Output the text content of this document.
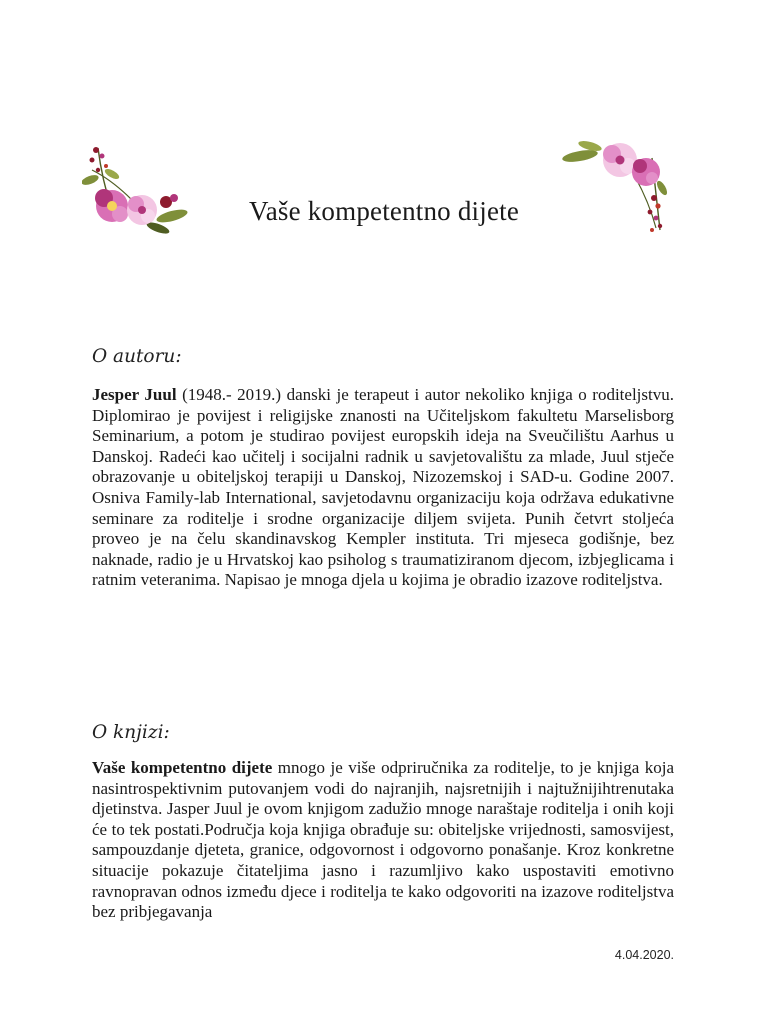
Vaše kompetentno dijete
O autoru:
Jesper Juul (1948.- 2019.) danski je terapeut i autor nekoliko knjiga o roditeljstvu. Diplomirao je povijest i religijske znanosti na Učiteljskom fakultetu Marselisborg Seminarium, a potom je studirao povijest europskih ideja na Sveučilištu Aarhus u Danskoj. Radeći kao učitelj i socijalni radnik u savjetovalištu za mlade, Juul stječe obrazovanje u obiteljskoj terapiji u Danskoj, Nizozemskoj i SAD-u. Godine 2007. Osniva Family-lab International, savjetodavnu organizaciju koja održava edukativne seminare za roditelje i srodne organizacije diljem svijeta. Punih četvrt stoljeća proveo je na čelu skandinavskog Kempler instituta. Tri mjeseca godišnje, bez naknade, radio je u Hrvatskoj kao psiholog s traumatiziranom djecom, izbjeglicama i ratnim veteranima. Napisao je mnoga djela u kojima je obradio izazove roditeljstva.
O knjizi:
Vaše kompetentno dijete mnogo je više odpriručnika za roditelje, to je knjiga koja nasintrospektivnim putovanjem vodi do najranjih, najsretnijih i najtužnijihtrenutaka djetinstva. Jasper Juul je ovom knjigom zadužio mnoge naraštaje roditelja i onih koji će to tek postati.Područja koja knjiga obrađuje su: obiteljske vrijednosti, samosvijest, sampouzdanje djeteta, granice, odgovornost i odgovorno ponašanje. Kroz konkretne situacije pokazuje čitateljima jasno i razumljivo kako uspostaviti emotivno ravnopravan odnos između djece i roditelja te kako odgovoriti na izazove roditeljstva bez pribjegavanja
4.04.2020.
